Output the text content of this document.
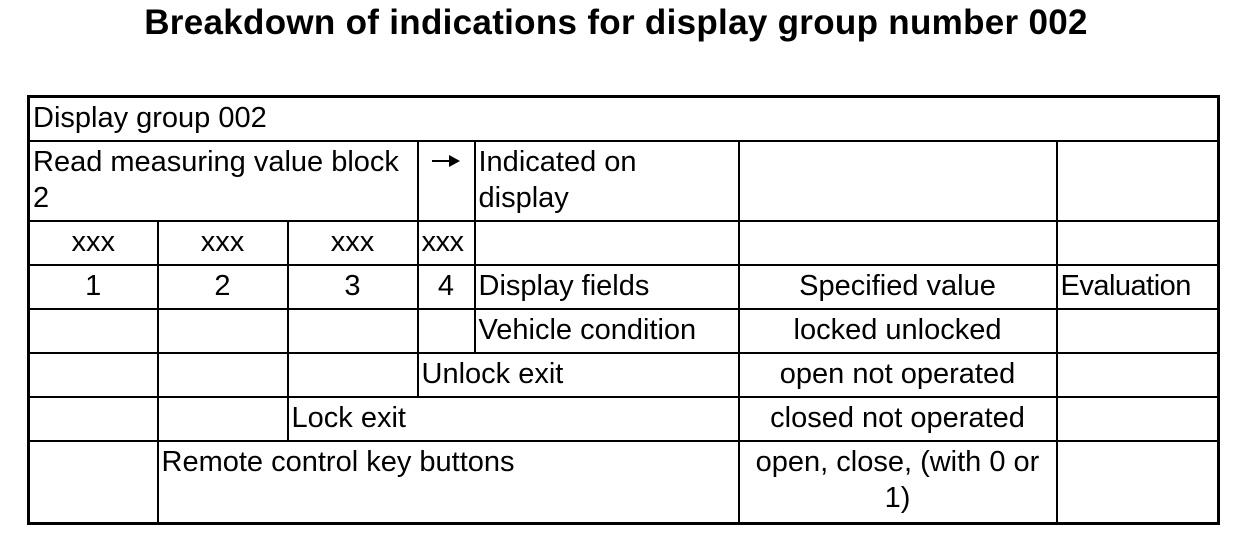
Breakdown of indications for display group number 002
Display group 002						
Read measuring value block 2				Indicated on display		
xxx	xxx	xxx	xxx			
1	2	3	4	Display fields	Specified value	Evaluation
				Vehicle condition	locked unlocked	
			Unlock exit		open not operated	
		Lock exit			closed not operated	
	Remote control key buttons				open, close, (with 0 or 1)	
